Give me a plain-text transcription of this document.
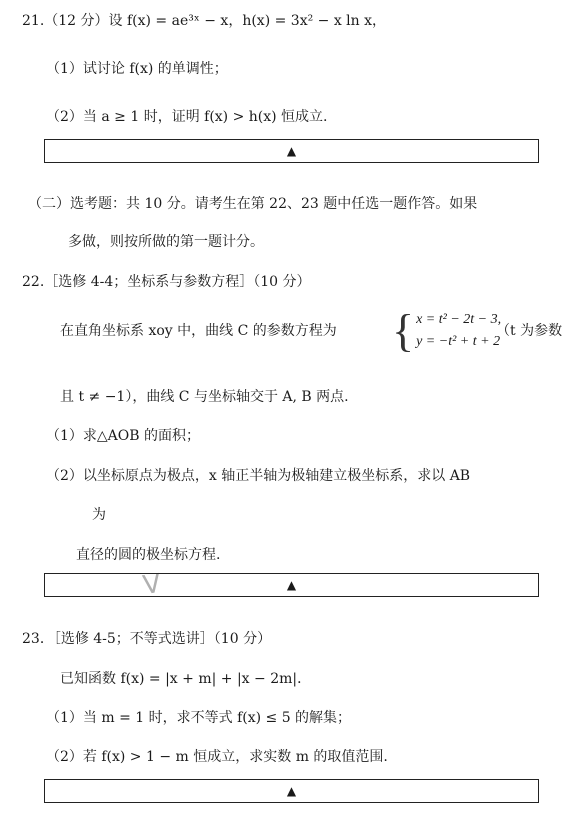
21.（12 分）设 f(x) = ae³ˣ − x，h(x) = 3x² − x ln x，
（1）试讨论 f(x) 的单调性；
（2）当 a ≥ 1 时，证明 f(x) > h(x) 恒成立.
▲
（二）选考题：共 10 分。请考生在第 22、23 题中任选一题作答。如果
多做，则按所做的第一题计分。
22.［选修 4-4；坐标系与参数方程］（10 分）
在直角坐标系 xoy 中，曲线 C 的参数方程为 { x = t² − 2t − 3,
y = −t² + t + 2
（t 为参数
且 t ≠ −1），曲线 C 与坐标轴交于 A, B 两点.
（1）求△AOB 的面积；
（2）以坐标原点为极点，x 轴正半轴为极轴建立极坐标系，求以 AB
为
直径的圆的极坐标方程.
V	▲
23．［选修 4-5；不等式选讲］（10 分）
已知函数 f(x) = |x + m| + |x − 2m|．
（1）当 m = 1 时，求不等式 f(x) ≤ 5 的解集；
（2）若 f(x) > 1 − m 恒成立，求实数 m 的取值范围.
▲
